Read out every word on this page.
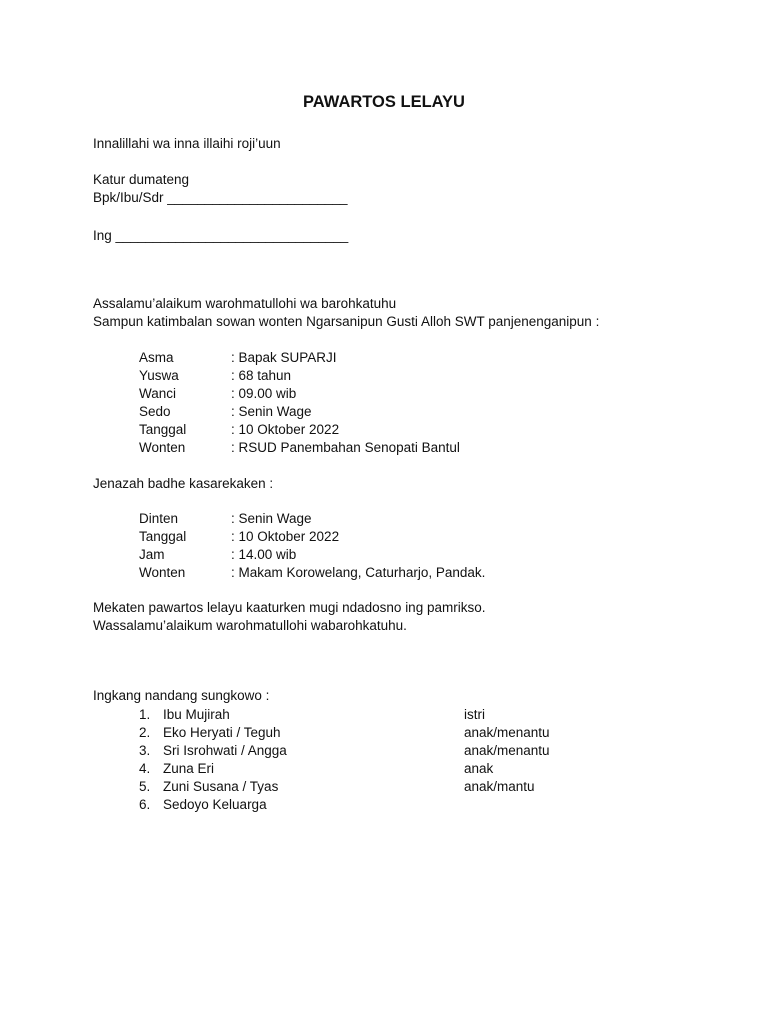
PAWARTOS LELAYU
Innalillahi wa inna illaihi roji’uun
Katur dumateng
Bpk/Ibu/Sdr ________________________
Ing _______________________________
Assalamu’alaikum warohmatullohi wa barohkatuhu
Sampun katimbalan sowan wonten Ngarsanipun Gusti Alloh SWT panjenenganipun :
Asma	: Bapak SUPARJI
Yuswa	: 68 tahun
Wanci	: 09.00 wib
Sedo	: Senin Wage
Tanggal	: 10 Oktober 2022
Wonten	: RSUD Panembahan Senopati Bantul
Jenazah badhe kasarekaken :
Dinten	: Senin Wage
Tanggal	: 10 Oktober 2022
Jam	: 14.00 wib
Wonten	: Makam Korowelang, Caturharjo, Pandak.
Mekaten pawartos lelayu kaaturken mugi ndadosno ing pamrikso.
Wassalamu’alaikum warohmatullohi wabarohkatuhu.
Ingkang nandang sungkowo :
1. Ibu Mujirah	istri
2. Eko Heryati / Teguh	anak/menantu
3. Sri Isrohwati / Angga	anak/menantu
4. Zuna Eri	anak
5. Zuni Susana / Tyas	anak/mantu
6. Sedoyo Keluarga
